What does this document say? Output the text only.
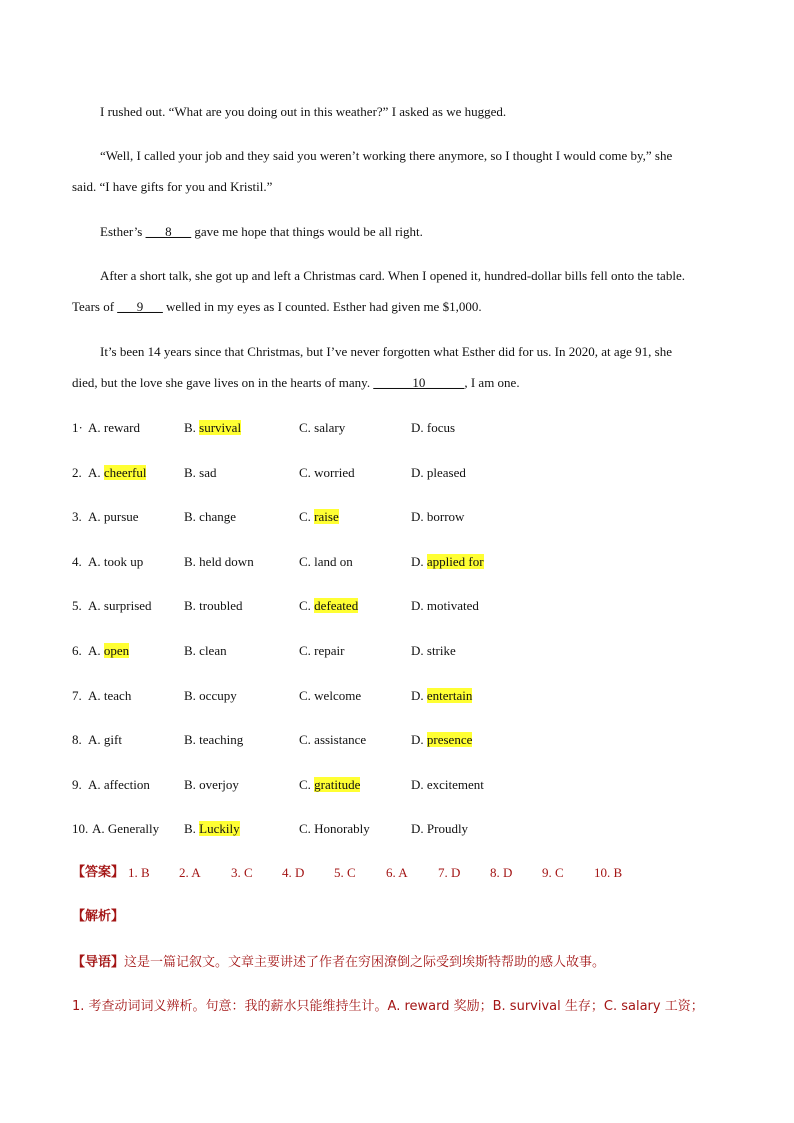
I rushed out. “What are you doing out in this weather?” I asked as we hugged.

“Well, I called your job and they said you weren’t working there anymore, so I thought I would come by,” she
said. “I have gifts for you and Kristil.”

Esther’s ___8___ gave me hope that things would be all right.

After a short talk, she got up and left a Christmas card. When I opened it, hundred-dollar bills fell onto the table.
Tears of ___9___ welled in my eyes as I counted. Esther had given me $1,000.

It’s been 14 years since that Christmas, but I’ve never forgotten what Esther did for us. In 2020, at age 91, she
died, but the love she gave lives on in the hearts of many. ______10______, I am one.

1· A. reward	B. survival	C. salary	D. focus
2. A. cheerful	B. sad	C. worried	D. pleased
3. A. pursue	B. change	C. raise	D. borrow
4. A. took up	B. held down	C. land on	D. applied for
5. A. surprised B. troubled	C. defeated	D. motivated
6. A. open	B. clean	C. repair	D. strike
7. A. teach	B. occupy	C. welcome	D. entertain
8. A. gift	B. teaching	C. assistance	D. presence
9. A. affection	B. overjoy	C. gratitude	D. excitement
10. A. Generally B. Luckily	C. Honorably	D. Proudly
【答案】 1. B 2. A 3. C 4. D 5. C 6. A 7. D 8. D 9. C 10. B
【解析】
【导语】这是一篇记叙文。文章主要讲述了作者在穷困潦倒之际受到埃斯特帮助的感人故事。
1. 考查动词词义辨析。句意：我的薪水只能维持生计。A. reward 奖励；B. survival 生存；C. salary 工资；
